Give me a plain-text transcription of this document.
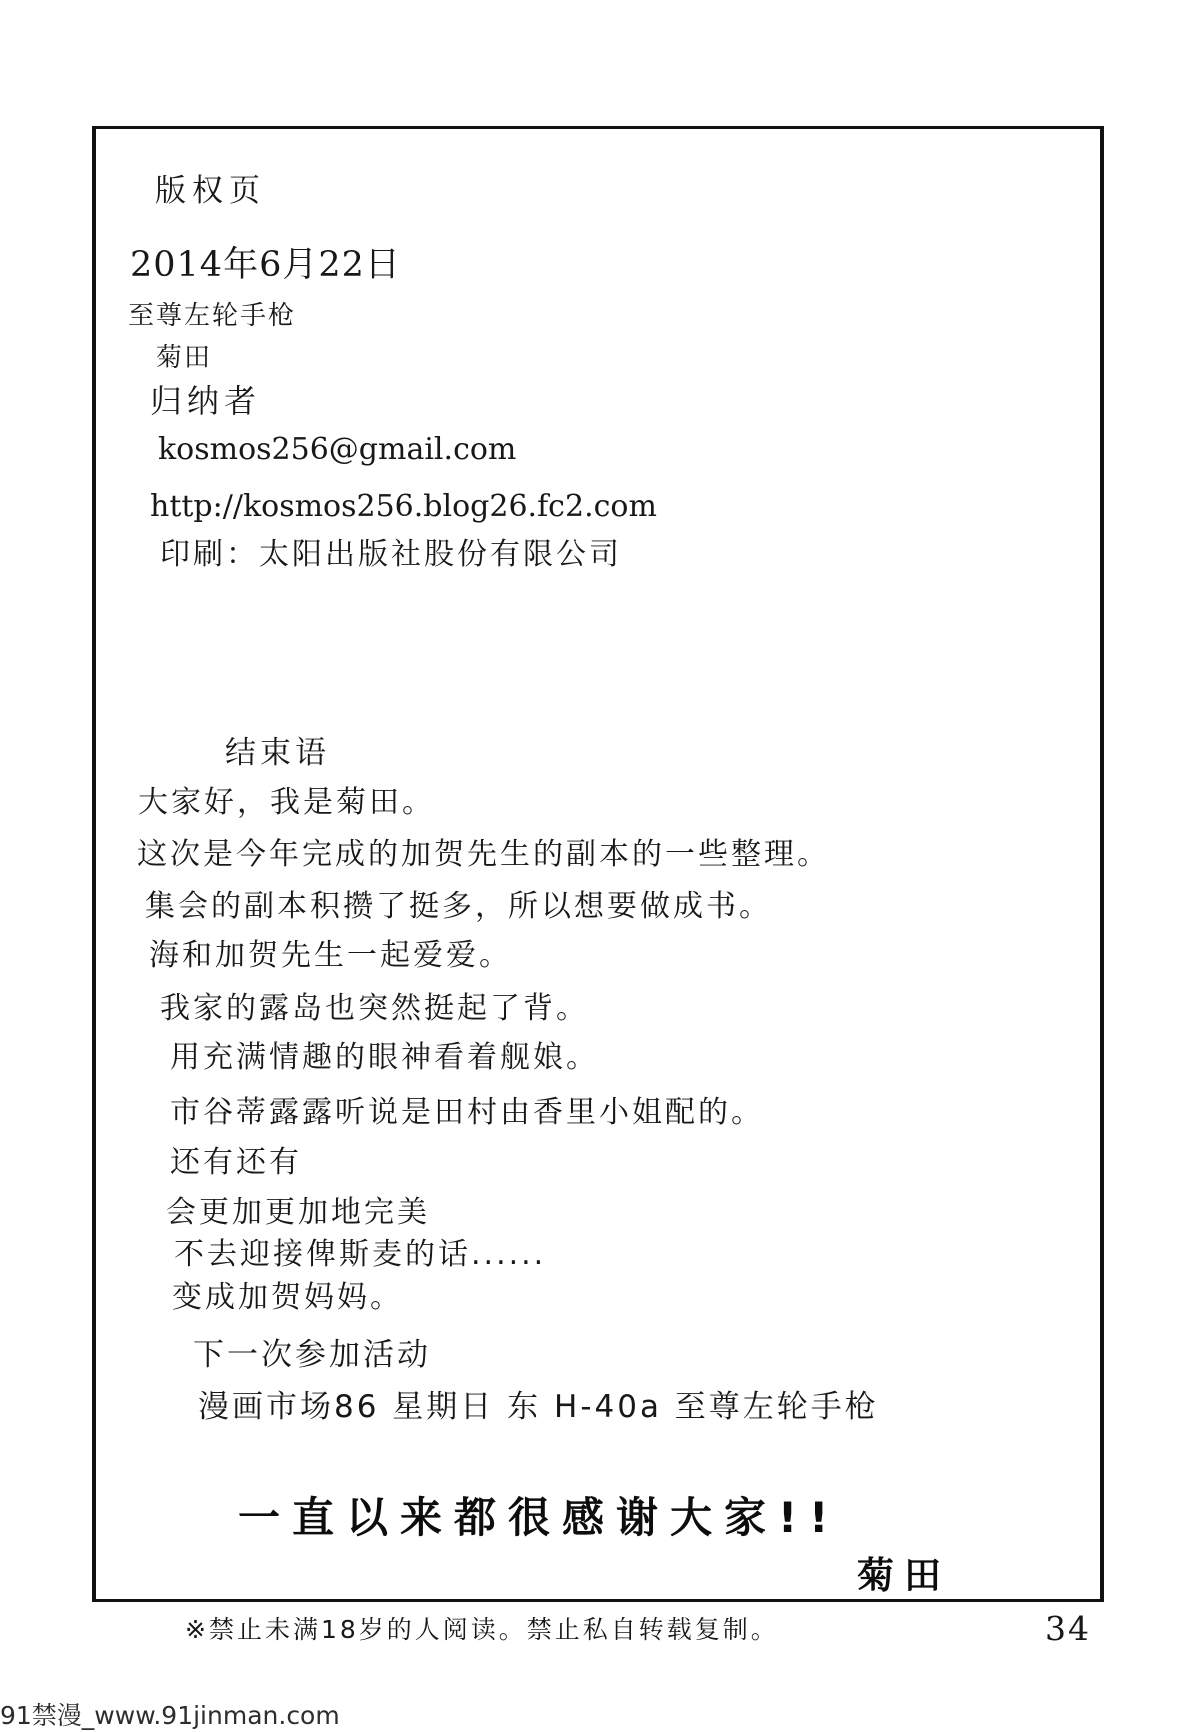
版权页
2014年6月22日
至尊左轮手枪
菊田
归纳者
kosmos256@gmail.com
http://kosmos256.blog26.fc2.com
印刷：太阳出版社股份有限公司
结束语
大家好，我是菊田。
这次是今年完成的加贺先生的副本的一些整理。
集会的副本积攒了挺多，所以想要做成书。
海和加贺先生一起爱爱。
我家的露岛也突然挺起了背。
用充满情趣的眼神看着舰娘。
市谷蒂露露听说是田村由香里小姐配的。
还有还有
会更加更加地完美
不去迎接俾斯麦的话......
变成加贺妈妈。
下一次参加活动
漫画市场86 星期日 东 H-40a 至尊左轮手枪
一直以来都很感谢大家!!
菊田
※禁止未满18岁的人阅读。禁止私自转载复制。	34
91禁漫_www.91jinman.com
